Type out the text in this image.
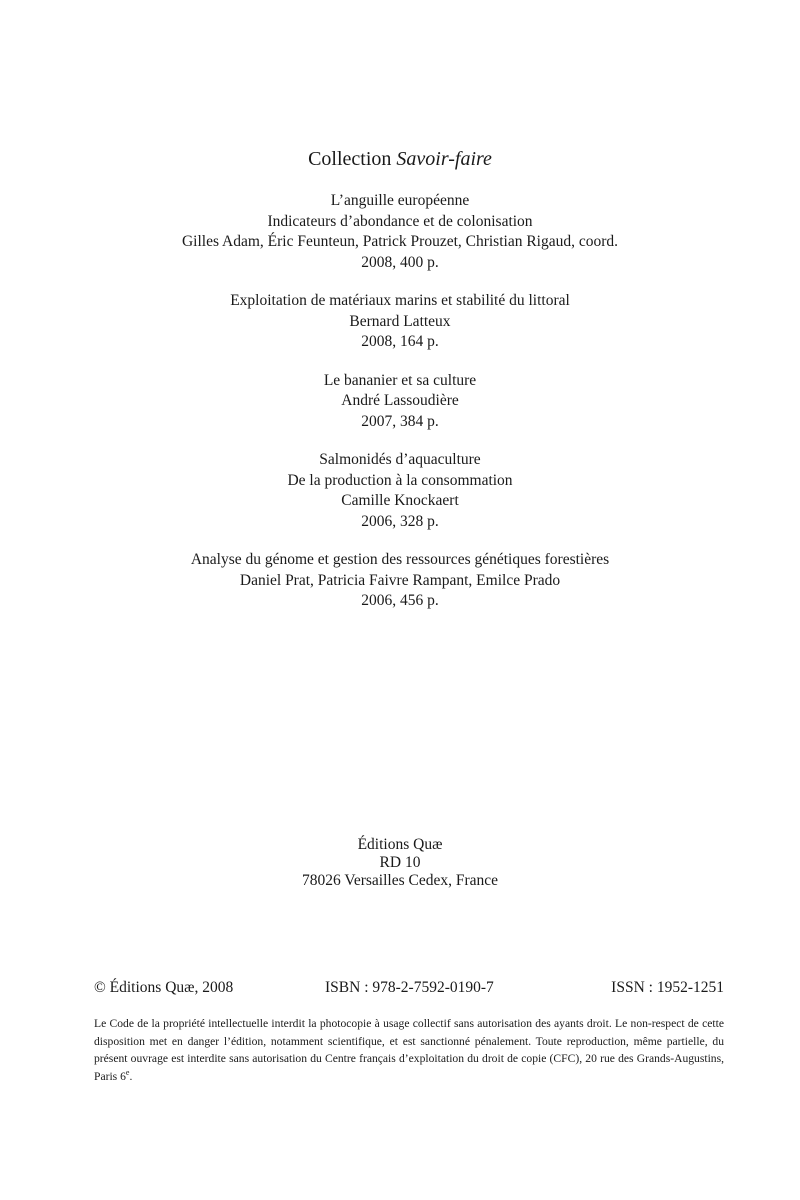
Collection Savoir-faire
L’anguille européenne
Indicateurs d’abondance et de colonisation
Gilles Adam, Éric Feunteun, Patrick Prouzet, Christian Rigaud, coord.
2008, 400 p.
Exploitation de matériaux marins et stabilité du littoral
Bernard Latteux
2008, 164 p.
Le bananier et sa culture
André Lassoudière
2007, 384 p.
Salmonidés d’aquaculture
De la production à la consommation
Camille Knockaert
2006, 328 p.
Analyse du génome et gestion des ressources génétiques forestières
Daniel Prat, Patricia Faivre Rampant, Emilce Prado
2006, 456 p.
Éditions Quæ
RD 10
78026 Versailles Cedex, France
© Éditions Quæ, 2008	ISBN : 978-2-7592-0190-7	ISSN : 1952-1251
Le Code de la propriété intellectuelle interdit la photocopie à usage collectif sans autorisation des ayants droit. Le non-respect de cette disposition met en danger l’édition, notamment scientifique, et est sanctionné pénalement. Toute reproduction, même partielle, du présent ouvrage est interdite sans autorisation du Centre français d’exploitation du droit de copie (CFC), 20 rue des Grands-Augustins, Paris 6e.
